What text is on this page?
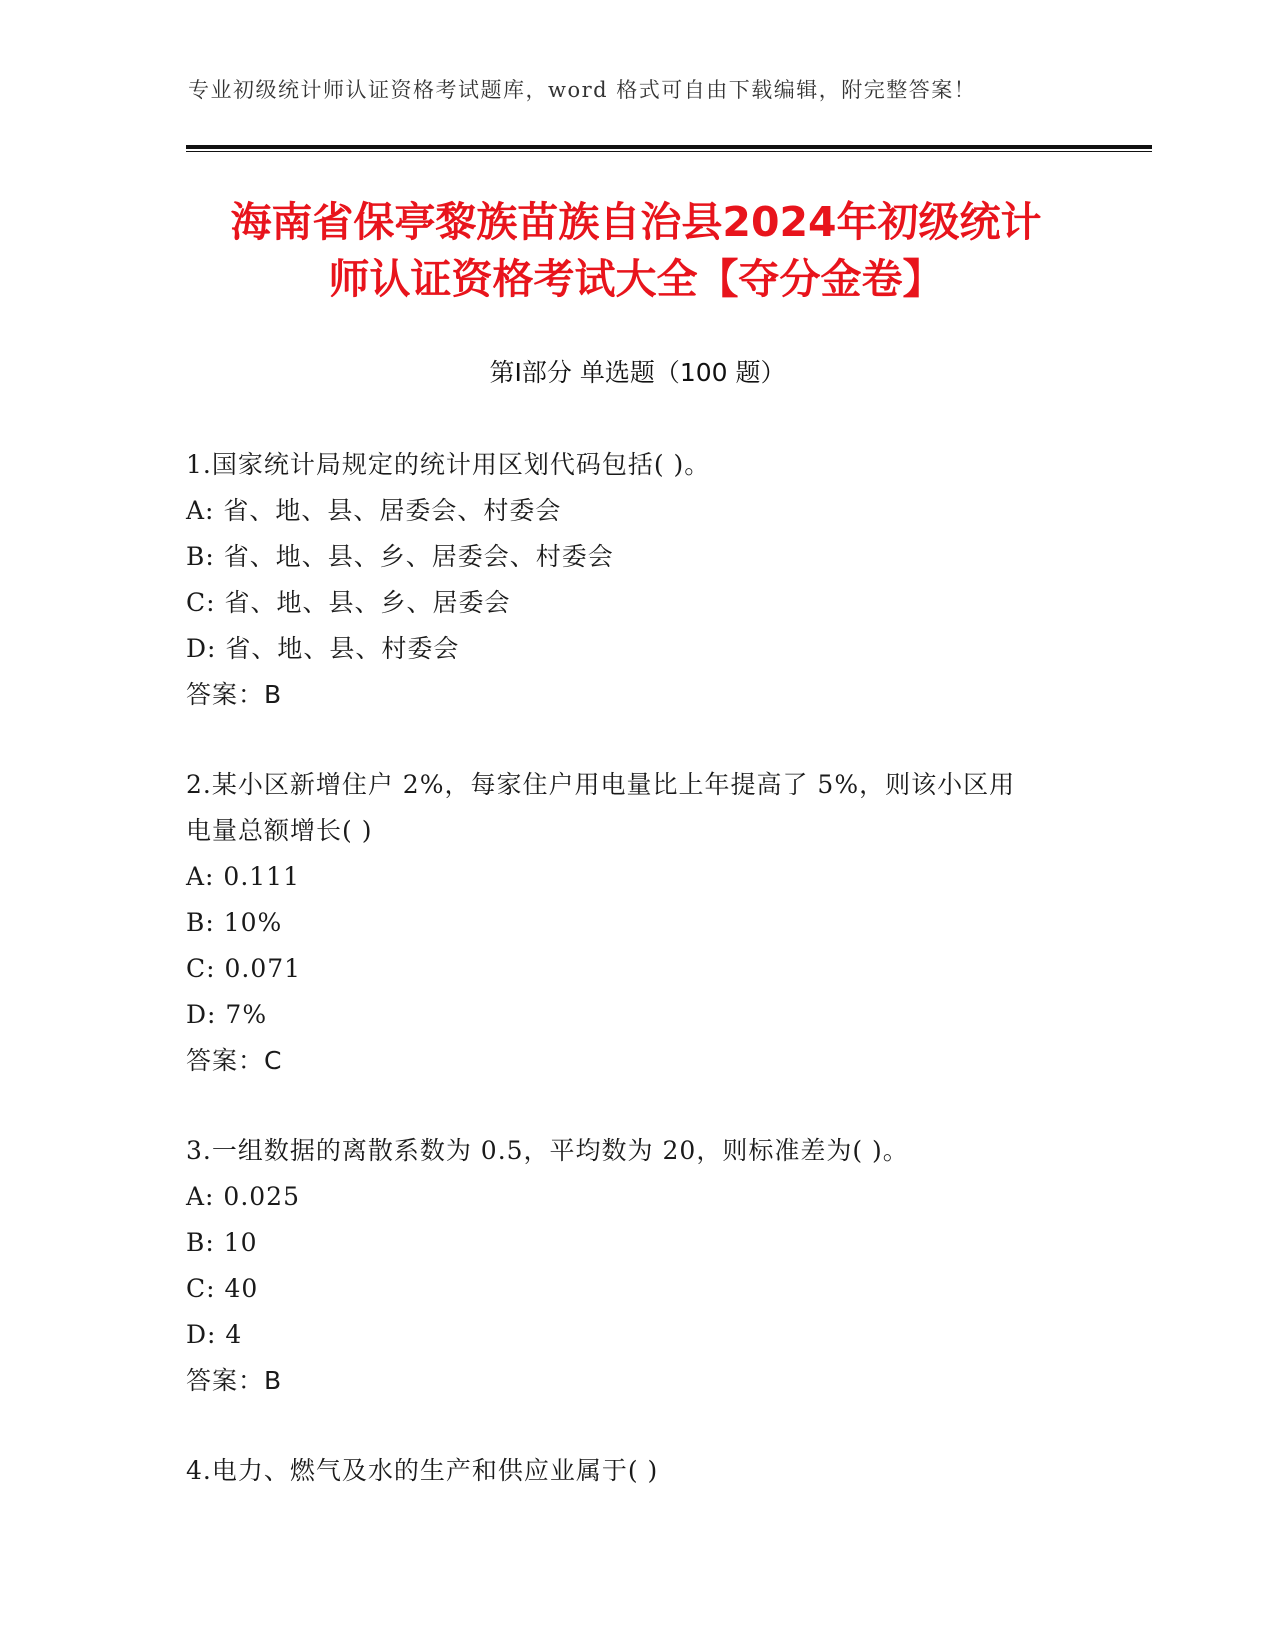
专业初级统计师认证资格考试题库，word 格式可自由下载编辑，附完整答案！
海南省保亭黎族苗族自治县2024年初级统计
师认证资格考试大全【夺分金卷】
第Ⅰ部分 单选题（100 题）
1.国家统计局规定的统计用区划代码包括( )。
A: 省、地、县、居委会、村委会
B: 省、地、县、乡、居委会、村委会
C: 省、地、县、乡、居委会
D: 省、地、县、村委会
答案：B
2.某小区新增住户 2%，每家住户用电量比上年提高了 5%，则该小区用
电量总额增长( )
A: 0.111
B: 10%
C: 0.071
D: 7%
答案：C
3.一组数据的离散系数为 0.5，平均数为 20，则标准差为( )。
A: 0.025
B: 10
C: 40
D: 4
答案：B
4.电力、燃气及水的生产和供应业属于( )
